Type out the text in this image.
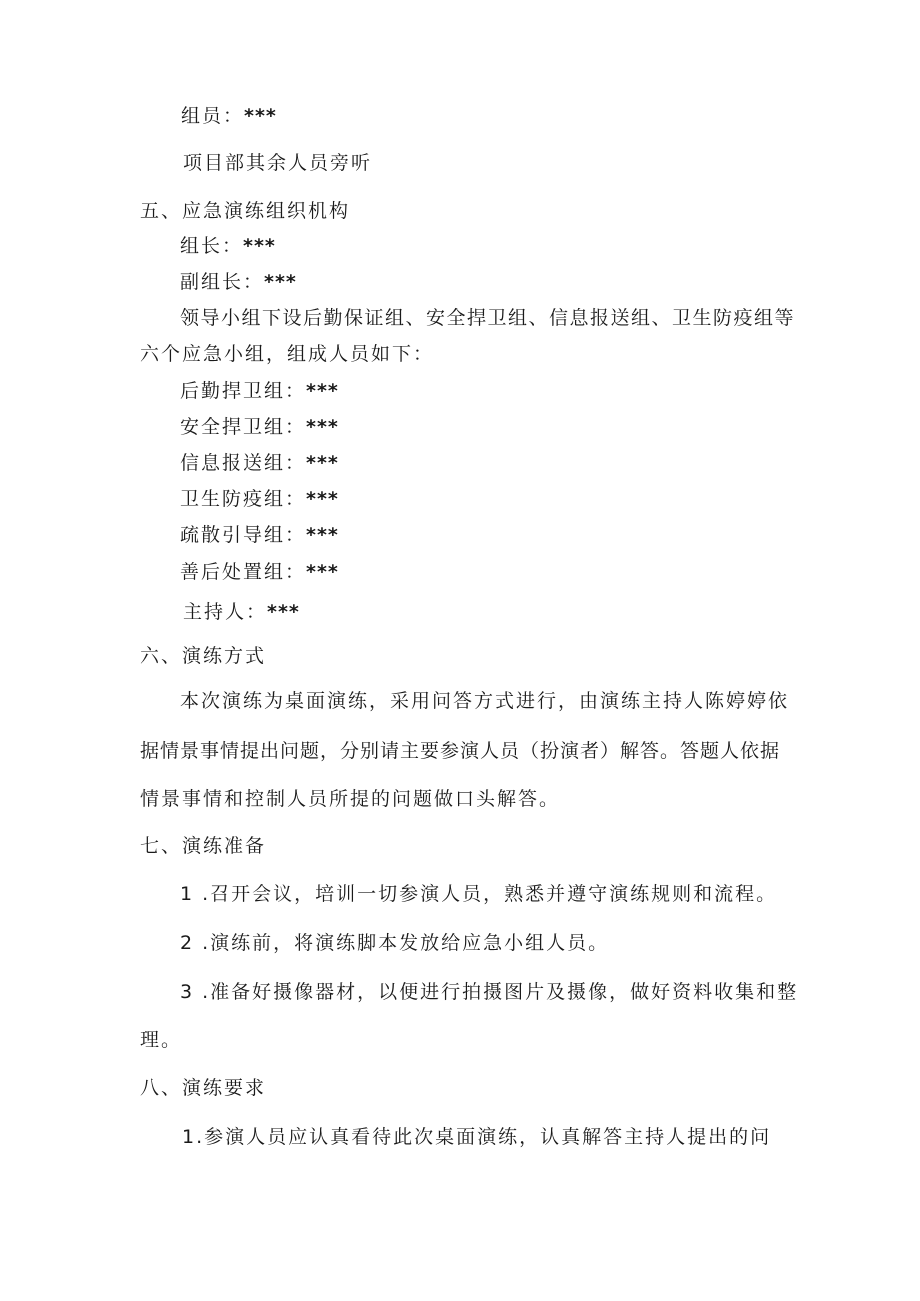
组员：***
项目部其余人员旁听
五、应急演练组织机构
组长：***
副组长：***
领导小组下设后勤保证组、安全捍卫组、信息报送组、卫生防疫组等
六个应急小组，组成人员如下：
后勤捍卫组：***
安全捍卫组：***
信息报送组：***
卫生防疫组：***
疏散引导组：***
善后处置组：***
主持人：***
六、演练方式
本次演练为桌面演练，采用问答方式进行，由演练主持人陈婷婷依
据情景事情提出问题，分别请主要参演人员（扮演者）解答。答题人依据
情景事情和控制人员所提的问题做口头解答。
七、演练准备
1 .召开会议，培训一切参演人员，熟悉并遵守演练规则和流程。
2 .演练前，将演练脚本发放给应急小组人员。
3 .准备好摄像器材，以便进行拍摄图片及摄像，做好资料收集和整
理。
八、演练要求
1.参演人员应认真看待此次桌面演练，认真解答主持人提出的问
